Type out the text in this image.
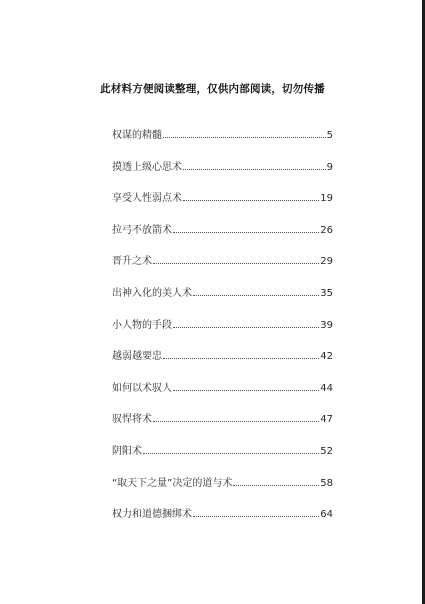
此材料方便阅读整理，仅供内部阅读，切勿传播
权谋的精髓	5
摸透上级心思术	9
享受人性弱点术	19
拉弓不放箭术	26
晋升之术	29
出神入化的美人术	35
小人物的手段	39
越弱越要忠	42
如何以术驭人	44
驭悍将术	47
阴阳术	52
“取天下之量”决定的道与术	58
权力和道德捆绑术	64
